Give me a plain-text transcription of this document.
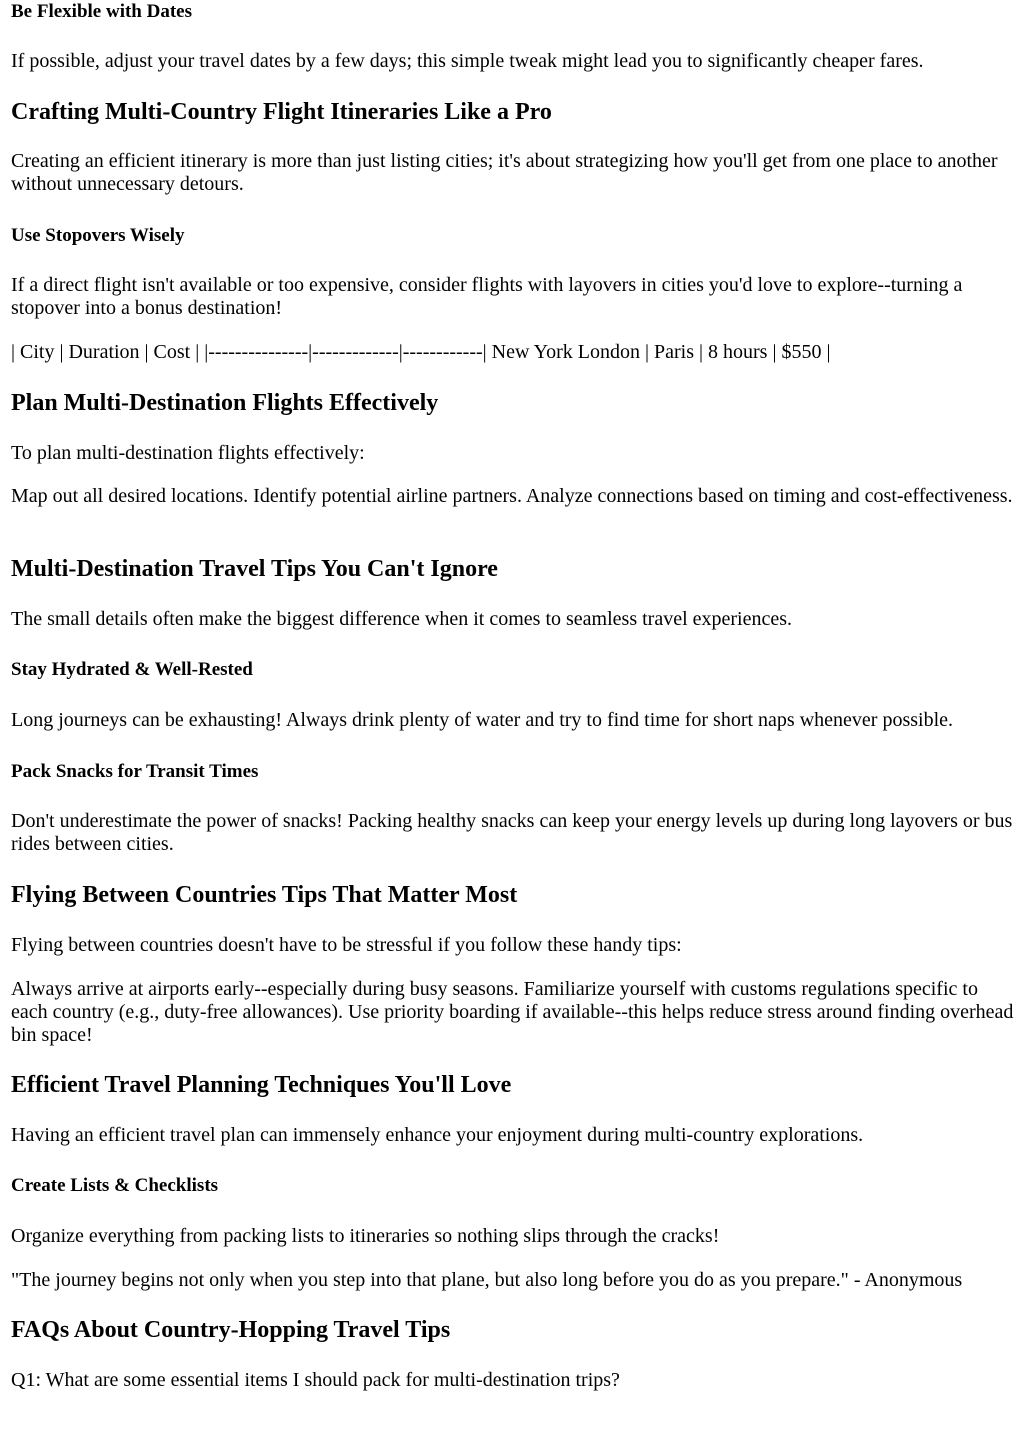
Be Flexible with Dates

If possible, adjust your travel dates by a few days; this simple tweak might lead you to significantly cheaper fares.

Crafting Multi-Country Flight Itineraries Like a Pro

Creating an efficient itinerary is more than just listing cities; it's about strategizing how you'll get from one place to another without unnecessary detours.

Use Stopovers Wisely

If a direct flight isn't available or too expensive, consider flights with layovers in cities you'd love to explore--turning a stopover into a bonus destination!

| City | Duration | Cost | |---------------|-------------|------------| New York London | Paris | 8 hours | $550 |

Plan Multi-Destination Flights Effectively

To plan multi-destination flights effectively:

Map out all desired locations. Identify potential airline partners. Analyze connections based on timing and cost-effectiveness.

Multi-Destination Travel Tips You Can't Ignore

The small details often make the biggest difference when it comes to seamless travel experiences.

Stay Hydrated & Well-Rested

Long journeys can be exhausting! Always drink plenty of water and try to find time for short naps whenever possible.

Pack Snacks for Transit Times

Don't underestimate the power of snacks! Packing healthy snacks can keep your energy levels up during long layovers or bus rides between cities.

Flying Between Countries Tips That Matter Most

Flying between countries doesn't have to be stressful if you follow these handy tips:

Always arrive at airports early--especially during busy seasons. Familiarize yourself with customs regulations specific to each country (e.g., duty-free allowances). Use priority boarding if available--this helps reduce stress around finding overhead bin space!

Efficient Travel Planning Techniques You'll Love

Having an efficient travel plan can immensely enhance your enjoyment during multi-country explorations.

Create Lists & Checklists

Organize everything from packing lists to itineraries so nothing slips through the cracks!

"The journey begins not only when you step into that plane, but also long before you do as you prepare." - Anonymous

FAQs About Country-Hopping Travel Tips

Q1: What are some essential items I should pack for multi-destination trips?
